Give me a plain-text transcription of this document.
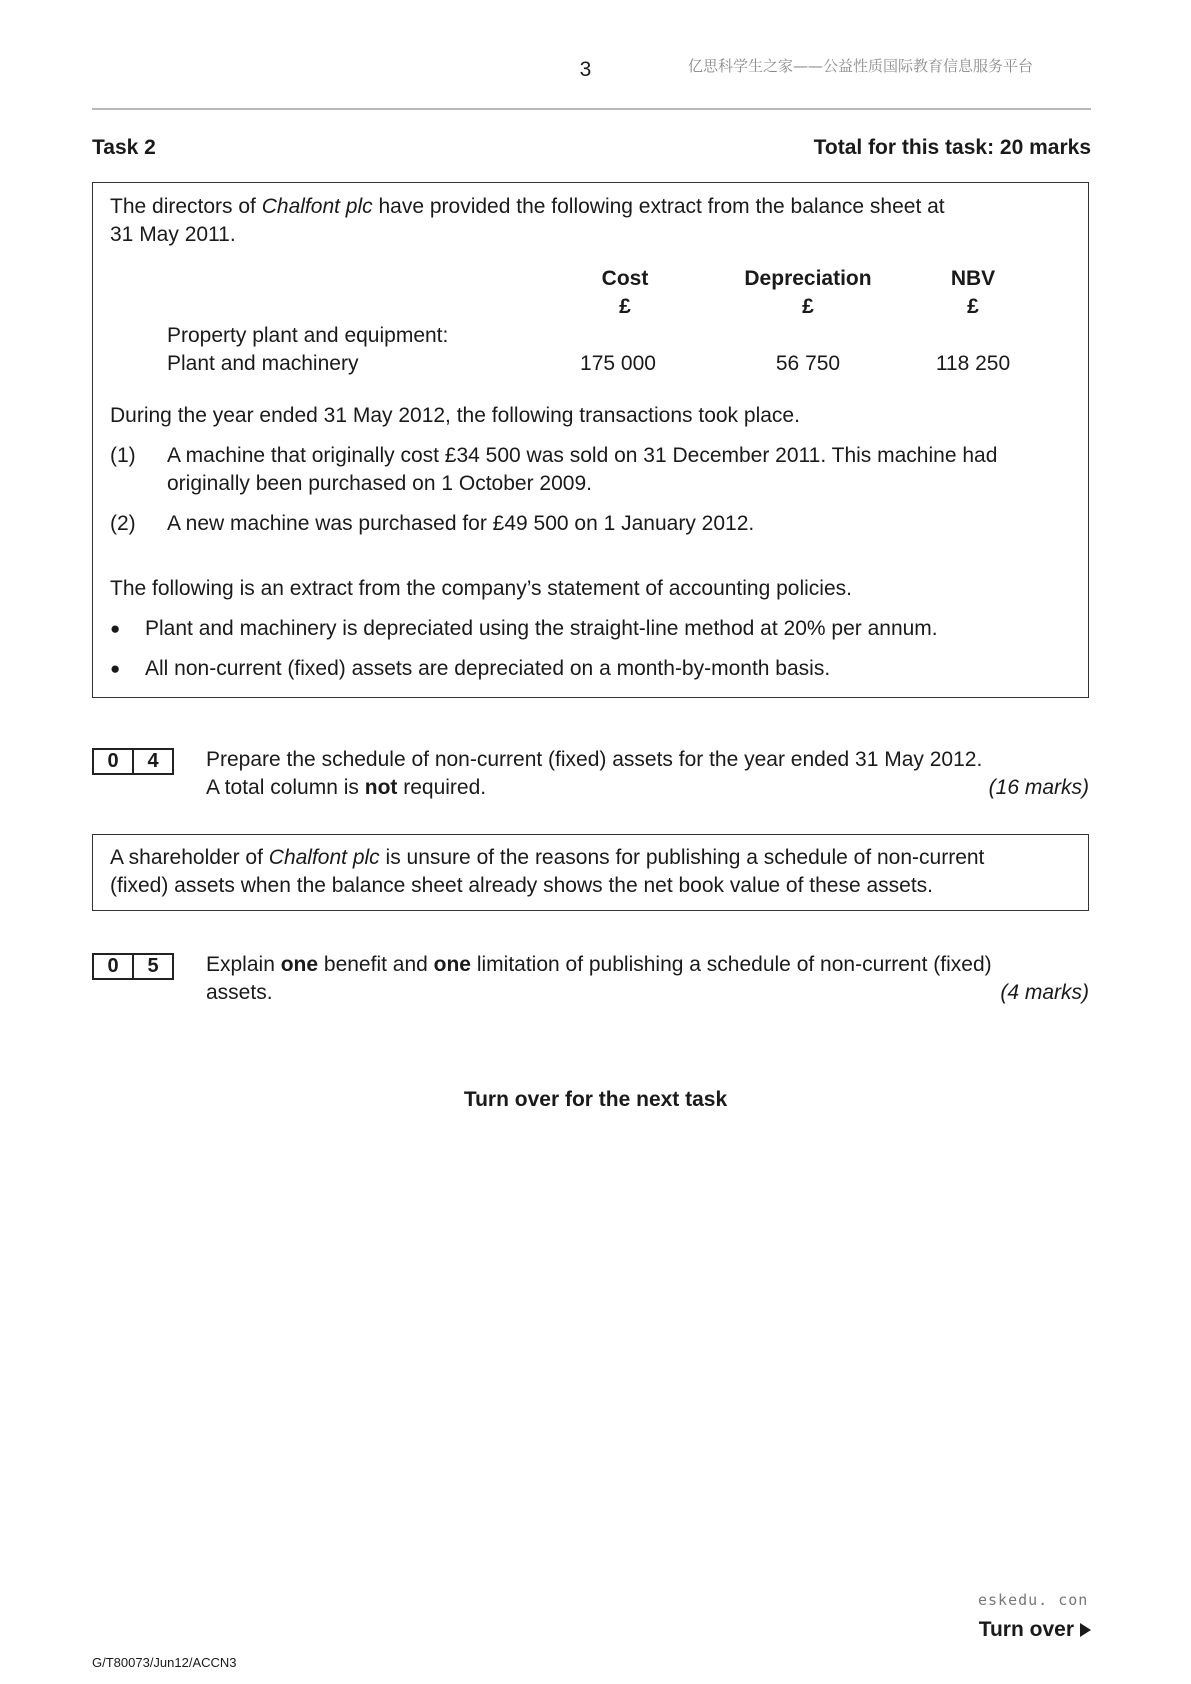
3	亿思科学生之家——公益性质国际教育信息服务平台
Task 2	Total for this task: 20 marks
The directors of Chalfont plc have provided the following extract from the balance sheet at
31 May 2011.
Cost	Depreciation	NBV
£	£	£
Property plant and equipment:
Plant and machinery	175 000	56 750	118 250
During the year ended 31 May 2012, the following transactions took place.
(1) A machine that originally cost £34 500 was sold on 31 December 2011. This machine had
originally been purchased on 1 October 2009.
(2) A new machine was purchased for £49 500 on 1 January 2012.
The following is an extract from the company’s statement of accounting policies.
● Plant and machinery is depreciated using the straight-line method at 20% per annum.
● All non-current (fixed) assets are depreciated on a month-by-month basis.
0	4	Prepare the schedule of non-current (fixed) assets for the year ended 31 May 2012.
A total column is not required.	(16 marks)
A shareholder of Chalfont plc is unsure of the reasons for publishing a schedule of non-current
(fixed) assets when the balance sheet already shows the net book value of these assets.
0	5	Explain one benefit and one limitation of publishing a schedule of non-current (fixed)
assets.	(4 marks)
Turn over for the next task
eskedu. con
Turn over
G/T80073/Jun12/ACCN3
